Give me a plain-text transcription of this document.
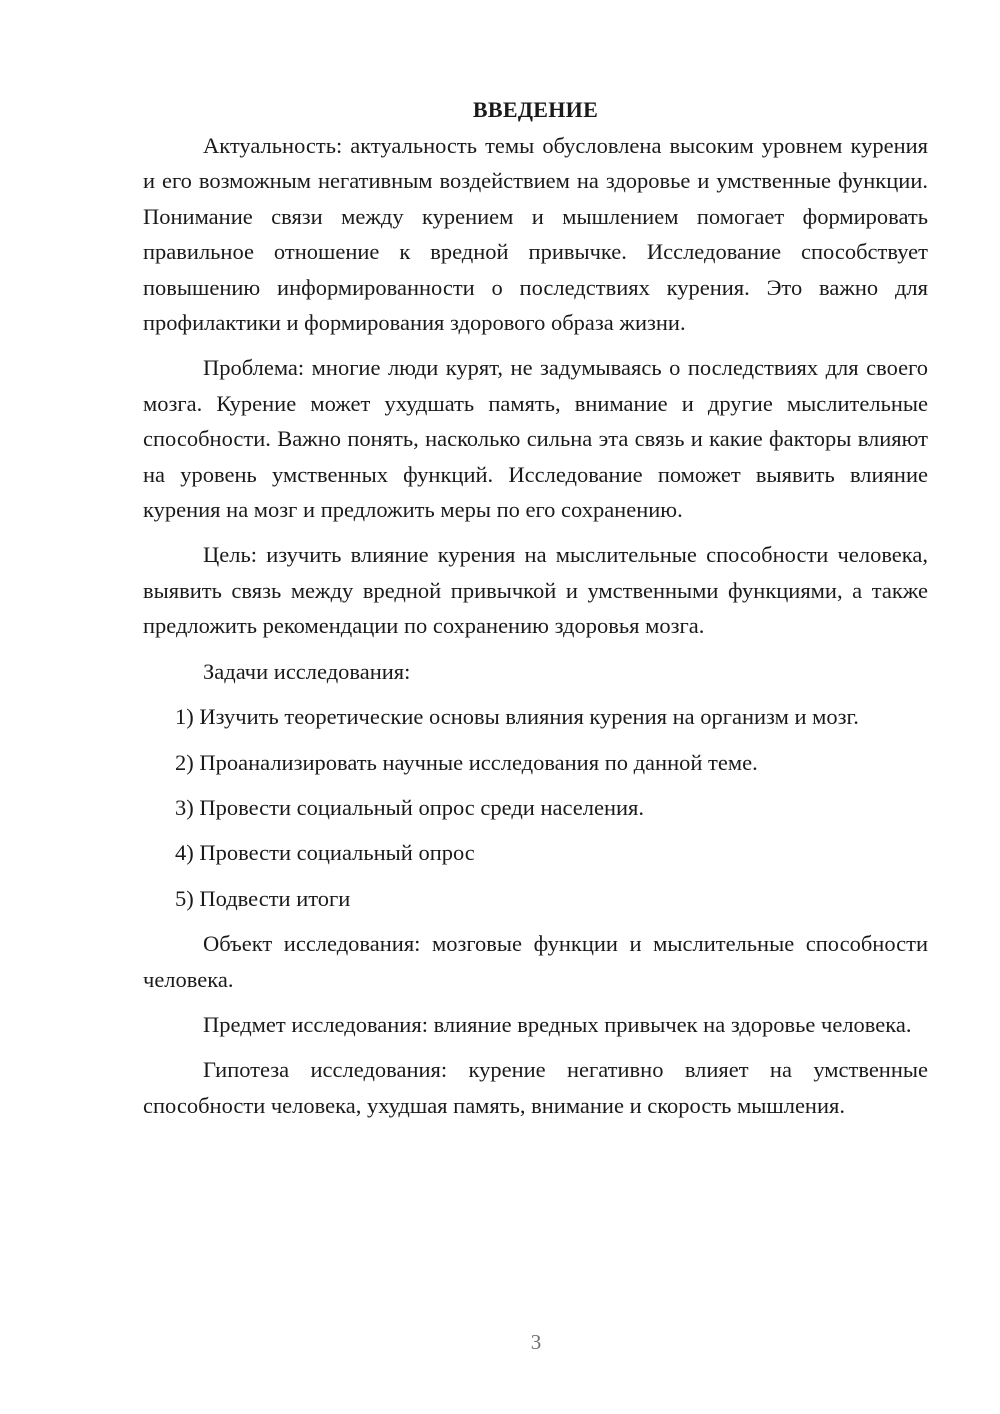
ВВЕДЕНИЕ

Актуальность: актуальность темы обусловлена высоким уровнем курения и его возможным негативным воздействием на здоровье и умственные функции. Понимание связи между курением и мышлением помогает формировать правильное отношение к вредной привычке. Исследование способствует повышению информированности о последствиях курения. Это важно для профилактики и формирования здорового образа жизни.

Проблема: многие люди курят, не задумываясь о последствиях для своего мозга. Курение может ухудшать память, внимание и другие мыслительные способности. Важно понять, насколько сильна эта связь и какие факторы влияют на уровень умственных функций. Исследование поможет выявить влияние курения на мозг и предложить меры по его сохранению.

Цель: изучить влияние курения на мыслительные способности человека, выявить связь между вредной привычкой и умственными функциями, а также предложить рекомендации по сохранению здоровья мозга.

Задачи исследования:

1) Изучить теоретические основы влияния курения на организм и мозг.

2) Проанализировать научные исследования по данной теме.

3) Провести социальный опрос среди населения.

4) Провести социальный опрос

5) Подвести итоги

Объект исследования: мозговые функции и мыслительные способности человека.

Предмет исследования: влияние вредных привычек на здоровье человека.

Гипотеза исследования: курение негативно влияет на умственные способности человека, ухудшая память, внимание и скорость мышления.

3
